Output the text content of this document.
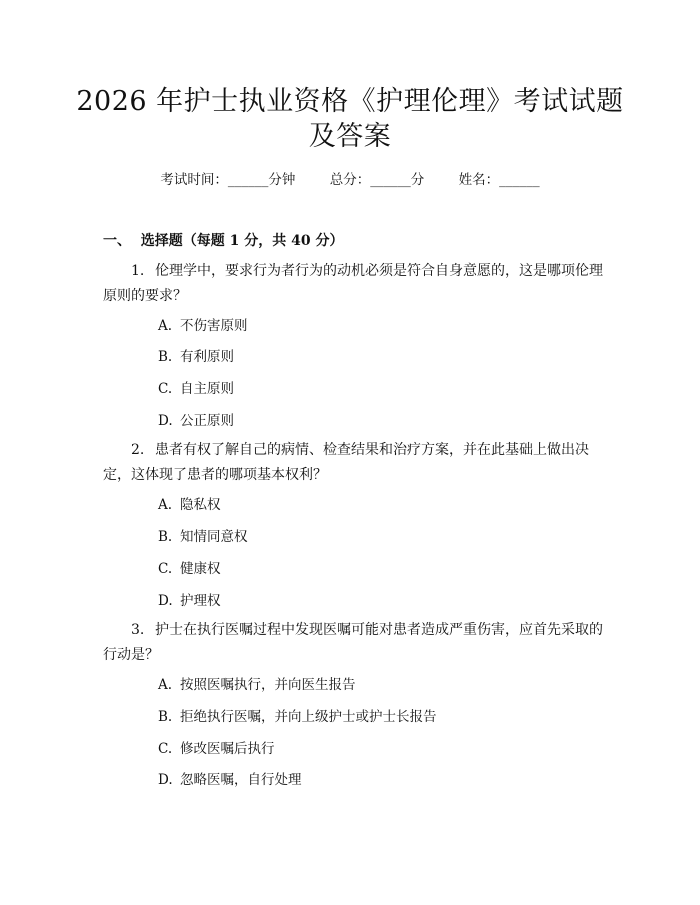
2026 年护士执业资格《护理伦理》考试试题
及答案
考试时间：______分钟	总分：______分	姓名：______
一、  选择题（每题 1 分，共 40 分）
1. 伦理学中，要求行为者行为的动机必须是符合自身意愿的，这是哪项伦理原则的要求？
A. 不伤害原则
B. 有利原则
C. 自主原则
D. 公正原则
2. 患者有权了解自己的病情、检查结果和治疗方案，并在此基础上做出决定，这体现了患者的哪项基本权利？
A. 隐私权
B. 知情同意权
C. 健康权
D. 护理权
3. 护士在执行医嘱过程中发现医嘱可能对患者造成严重伤害，应首先采取的行动是？
A. 按照医嘱执行，并向医生报告
B. 拒绝执行医嘱，并向上级护士或护士长报告
C. 修改医嘱后执行
D. 忽略医嘱，自行处理
